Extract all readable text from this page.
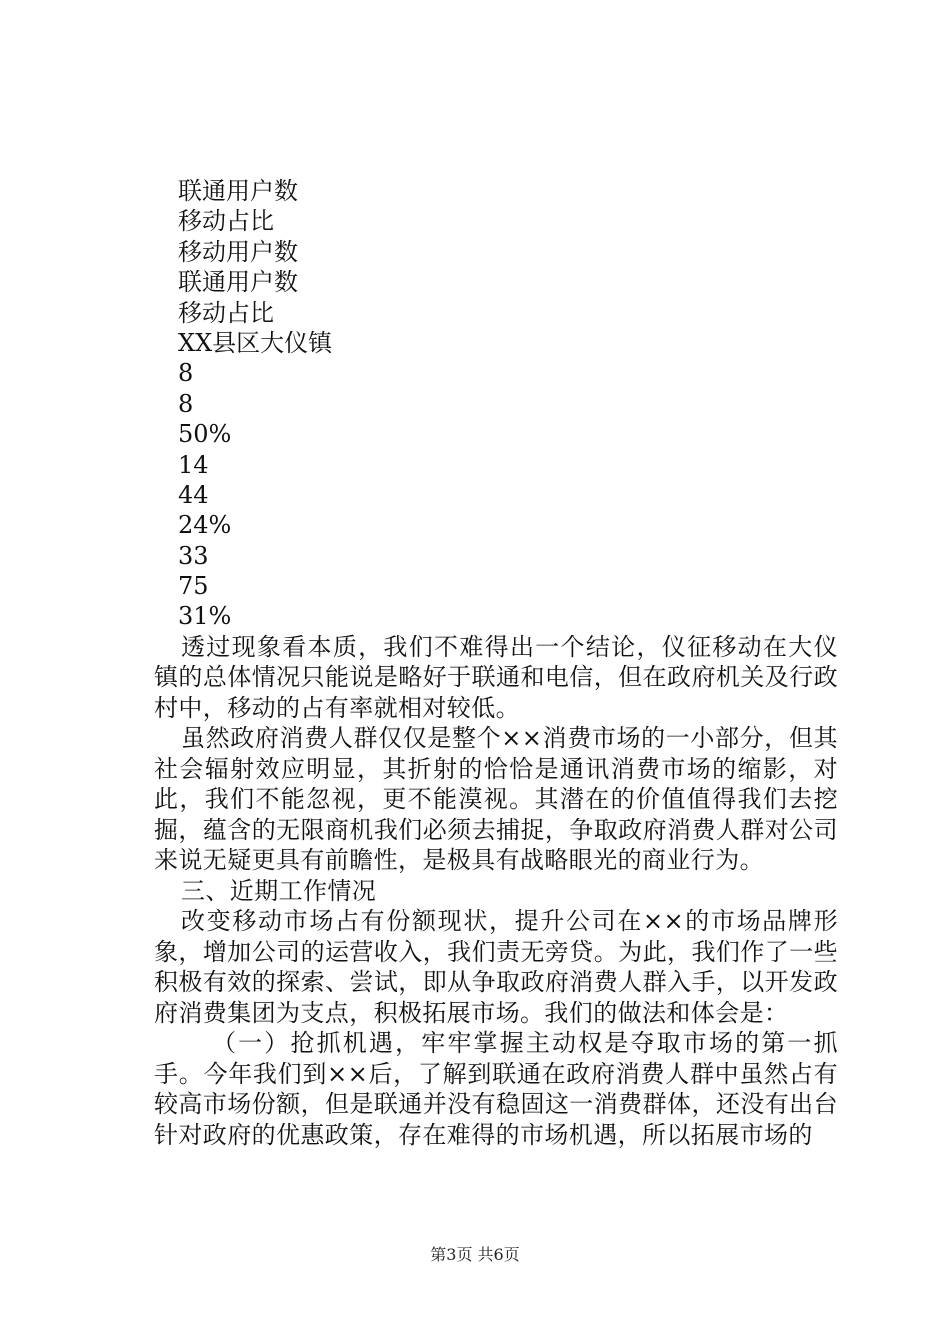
联通用户数

移动占比

移动用户数

联通用户数

移动占比

XX县区大仪镇

8

8

50%

14

44

24%

33

75

31%

透过现象看本质，我们不难得出一个结论，仪征移动在大仪镇的总体情况只能说是略好于联通和电信，但在政府机关及行政村中，移动的占有率就相对较低。

虽然政府消费人群仅仅是整个××消费市场的一小部分，但其社会辐射效应明显，其折射的恰恰是通讯消费市场的缩影，对此，我们不能忽视，更不能漠视。其潜在的价值值得我们去挖掘，蕴含的无限商机我们必须去捕捉，争取政府消费人群对公司来说无疑更具有前瞻性，是极具有战略眼光的商业行为。

三、近期工作情况

改变移动市场占有份额现状，提升公司在××的市场品牌形象，增加公司的运营收入，我们责无旁贷。为此，我们作了一些积极有效的探索、尝试，即从争取政府消费人群入手，以开发政府消费集团为支点，积极拓展市场。我们的做法和体会是：

（一）抢抓机遇，牢牢掌握主动权是夺取市场的第一抓手。今年我们到××后，了解到联通在政府消费人群中虽然占有较高市场份额，但是联通并没有稳固这一消费群体，还没有出台针对政府的优惠政策，存在难得的市场机遇，所以拓展市场的

第3页 共6页
